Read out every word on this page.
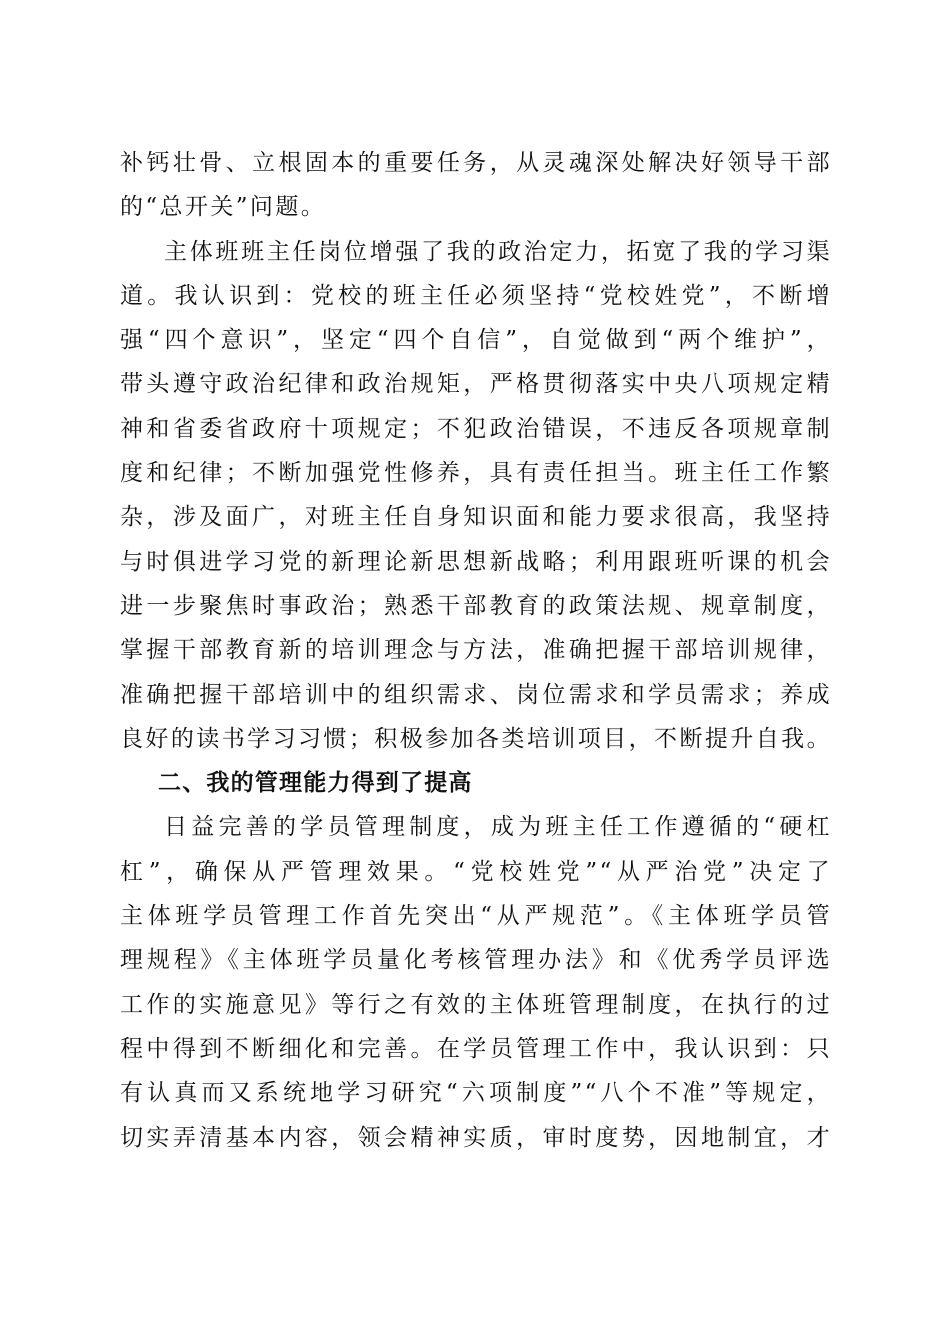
补钙壮骨、立根固本的重要任务，从灵魂深处解决好领导干部
的“总开关”问题。
主体班班主任岗位增强了我的政治定力，拓宽了我的学习渠
道。我认识到：党校的班主任必须坚持“党校姓党”，不断增
强“四个意识”，坚定“四个自信”，自觉做到“两个维护”，
带头遵守政治纪律和政治规矩，严格贯彻落实中央八项规定精
神和省委省政府十项规定；不犯政治错误，不违反各项规章制
度和纪律；不断加强党性修养，具有责任担当。班主任工作繁
杂，涉及面广，对班主任自身知识面和能力要求很高，我坚持
与时俱进学习党的新理论新思想新战略；利用跟班听课的机会
进一步聚焦时事政治；熟悉干部教育的政策法规、规章制度，
掌握干部教育新的培训理念与方法，准确把握干部培训规律，
准确把握干部培训中的组织需求、岗位需求和学员需求；养成
良好的读书学习习惯；积极参加各类培训项目，不断提升自我。
二、我的管理能力得到了提高
日益完善的学员管理制度，成为班主任工作遵循的“硬杠
杠”，确保从严管理效果。“党校姓党”“从严治党”决定了
主体班学员管理工作首先突出“从严规范”。《主体班学员管
理规程》《主体班学员量化考核管理办法》和《优秀学员评选
工作的实施意见》等行之有效的主体班管理制度，在执行的过
程中得到不断细化和完善。在学员管理工作中，我认识到：只
有认真而又系统地学习研究“六项制度”“八个不准”等规定，
切实弄清基本内容，领会精神实质，审时度势，因地制宜，才
